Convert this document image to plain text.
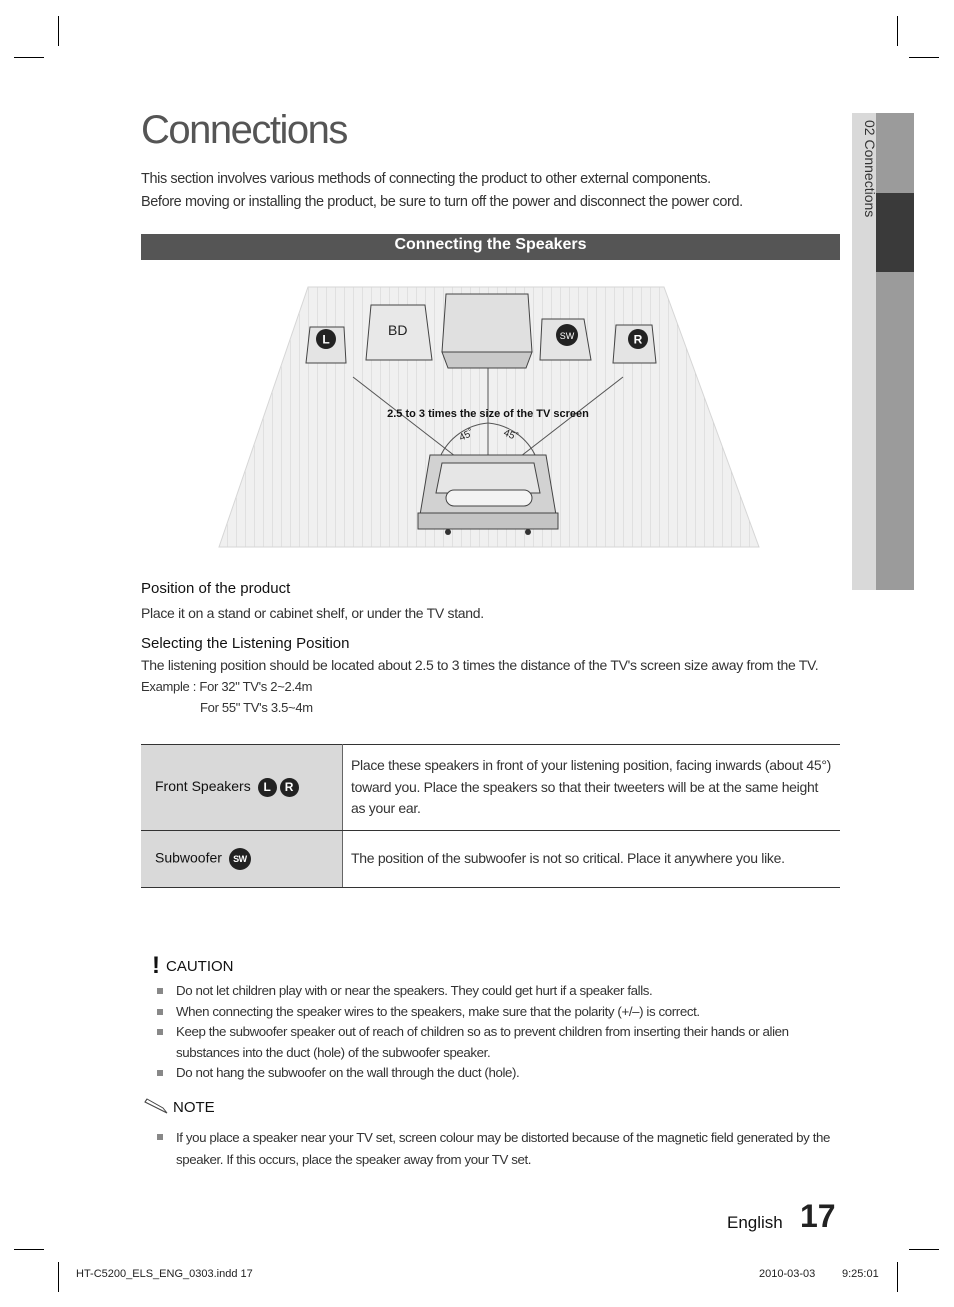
02 Connections
Connections
This section involves various methods of connecting the product to other external components.
Before moving or installing the product, be sure to turn off the power and disconnect the power cord.
Connecting the Speakers
L
BD	SW	R
2.5 to 3 times the size of the TV screen
45˚	45˚
Position of the product
Place it on a stand or cabinet shelf, or under the TV stand.
Selecting the Listening Position
The listening position should be located about 2.5 to 3 times the distance of the TV's screen size away from the TV.
Example : For 32" TV's 2~2.4m
For 55" TV's 3.5~4m
Front Speakers L R	Place these speakers in front of your listening position, facing inwards (about 45°)
toward you. Place the speakers so that their tweeters will be at the same height
as your ear.

Subwoofer SW	The position of the subwoofer is not so critical. Place it anywhere you like.
! CAUTION
Do not let children play with or near the speakers. They could get hurt if a speaker falls.
When connecting the speaker wires to the speakers, make sure that the polarity (+/–) is correct.
Keep the subwoofer speaker out of reach of children so as to prevent children from inserting their hands or alien substances into the duct (hole) of the subwoofer speaker.
Do not hang the subwoofer on the wall through the duct (hole).
NOTE
If you place a speaker near your TV set, screen colour may be distorted because of the magnetic field generated by the speaker. If this occurs, place the speaker away from your TV set.
English 17
HT-C5200_ELS_ENG_0303.indd 17	2010-03-03 9:25:01
